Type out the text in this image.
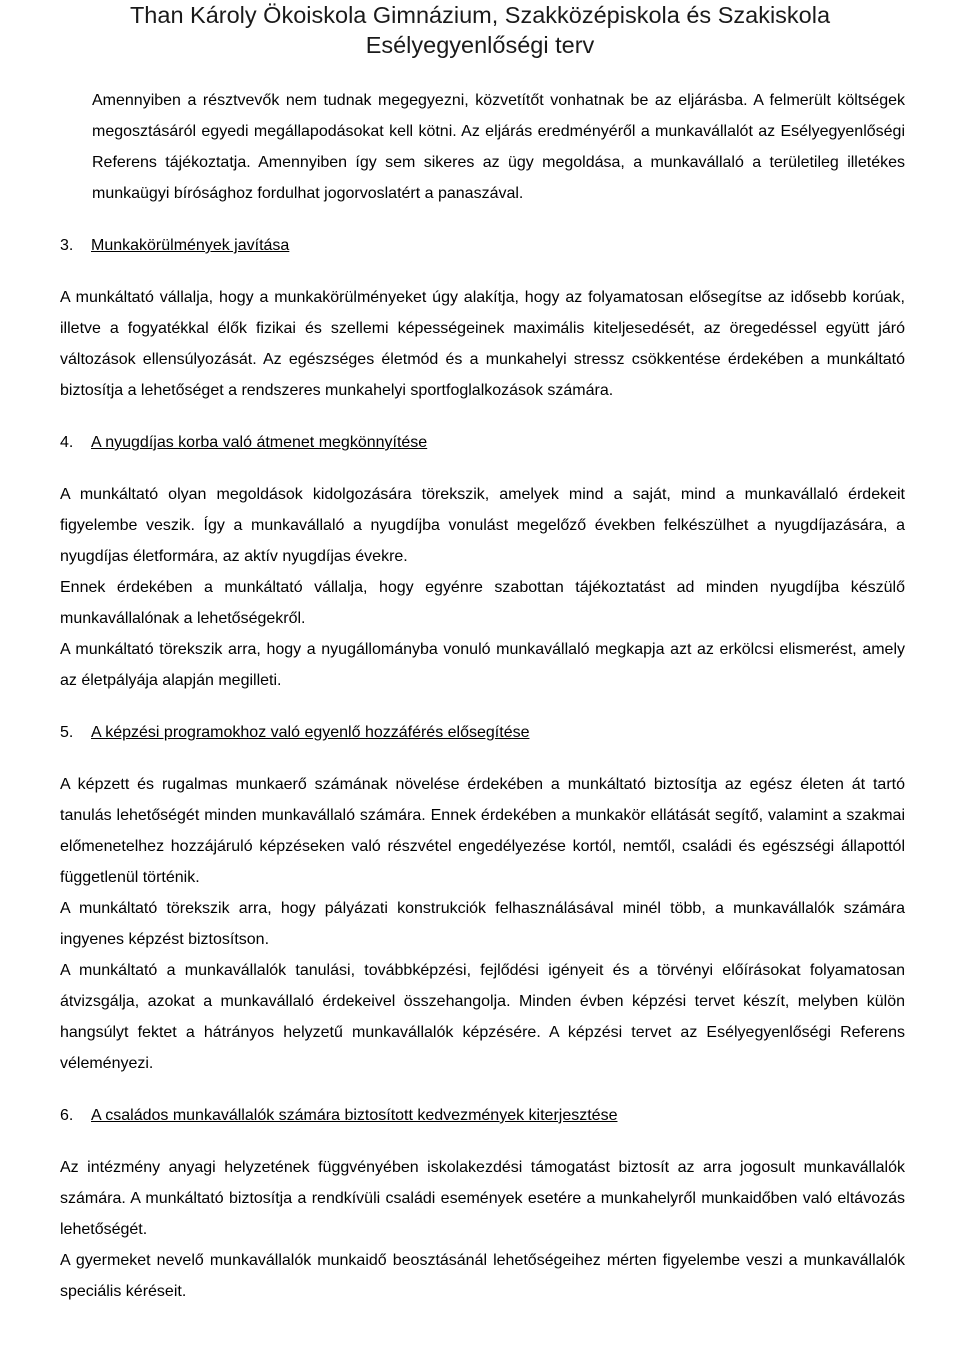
Than Károly Ökoiskola Gimnázium, Szakközépiskola és Szakiskola
Esélyegyenlőségi terv

Amennyiben a résztvevők nem tudnak megegyezni, közvetítőt vonhatnak be az eljárásba. A felmerült költségek megosztásáról egyedi megállapodásokat kell kötni. Az eljárás eredményéről a munkavállalót az Esélyegyenlőségi Referens tájékoztatja. Amennyiben így sem sikeres az ügy megoldása, a munkavállaló a területileg illetékes munkaügyi bírósághoz fordulhat jogorvoslatért a panaszával.

3.	Munkakörülmények javítása

A munkáltató vállalja, hogy a munkakörülményeket úgy alakítja, hogy az folyamatosan elősegítse az idősebb korúak, illetve a fogyatékkal élők fizikai és szellemi képességeinek maximális kiteljesedését, az öregedéssel együtt járó változások ellensúlyozását. Az egészséges életmód és a munkahelyi stressz csökkentése érdekében a munkáltató biztosítja a lehetőséget a rendszeres munkahelyi sportfoglalkozások számára.

4.	A nyugdíjas korba való átmenet megkönnyítése

A munkáltató olyan megoldások kidolgozására törekszik, amelyek mind a saját, mind a munkavállaló érdekeit figyelembe veszik. Így a munkavállaló a nyugdíjba vonulást megelőző években felkészülhet a nyugdíjazására, a nyugdíjas életformára, az aktív nyugdíjas évekre.

Ennek érdekében a munkáltató vállalja, hogy egyénre szabottan tájékoztatást ad minden nyugdíjba készülő munkavállalónak a lehetőségekről.

A munkáltató törekszik arra, hogy a nyugállományba vonuló munkavállaló megkapja azt az erkölcsi elismerést, amely az életpályája alapján megilleti.

5.	A képzési programokhoz való egyenlő hozzáférés elősegítése

A képzett és rugalmas munkaerő számának növelése érdekében a munkáltató biztosítja az egész életen át tartó tanulás lehetőségét minden munkavállaló számára. Ennek érdekében a munkakör ellátását segítő, valamint a szakmai előmenetelhez hozzájáruló képzéseken való részvétel engedélyezése kortól, nemtől, családi és egészségi állapottól függetlenül történik.

A munkáltató törekszik arra, hogy pályázati konstrukciók felhasználásával minél több, a munkavállalók számára ingyenes képzést biztosítson.

A munkáltató a munkavállalók tanulási, továbbképzési, fejlődési igényeit és a törvényi előírásokat folyamatosan átvizsgálja, azokat a munkavállaló érdekeivel összehangolja. Minden évben képzési tervet készít, melyben külön hangsúlyt fektet a hátrányos helyzetű munkavállalók képzésére. A képzési tervet az Esélyegyenlőségi Referens véleményezi.

6.	A családos munkavállalók számára biztosított kedvezmények kiterjesztése

Az intézmény anyagi helyzetének függvényében iskolakezdési támogatást biztosít az arra jogosult munkavállalók számára. A munkáltató biztosítja a rendkívüli családi események esetére a munkahelyről munkaidőben való eltávozás lehetőségét.

A gyermeket nevelő munkavállalók munkaidő beosztásánál lehetőségeihez mérten figyelembe veszi a munkavállalók speciális kéréseit.
